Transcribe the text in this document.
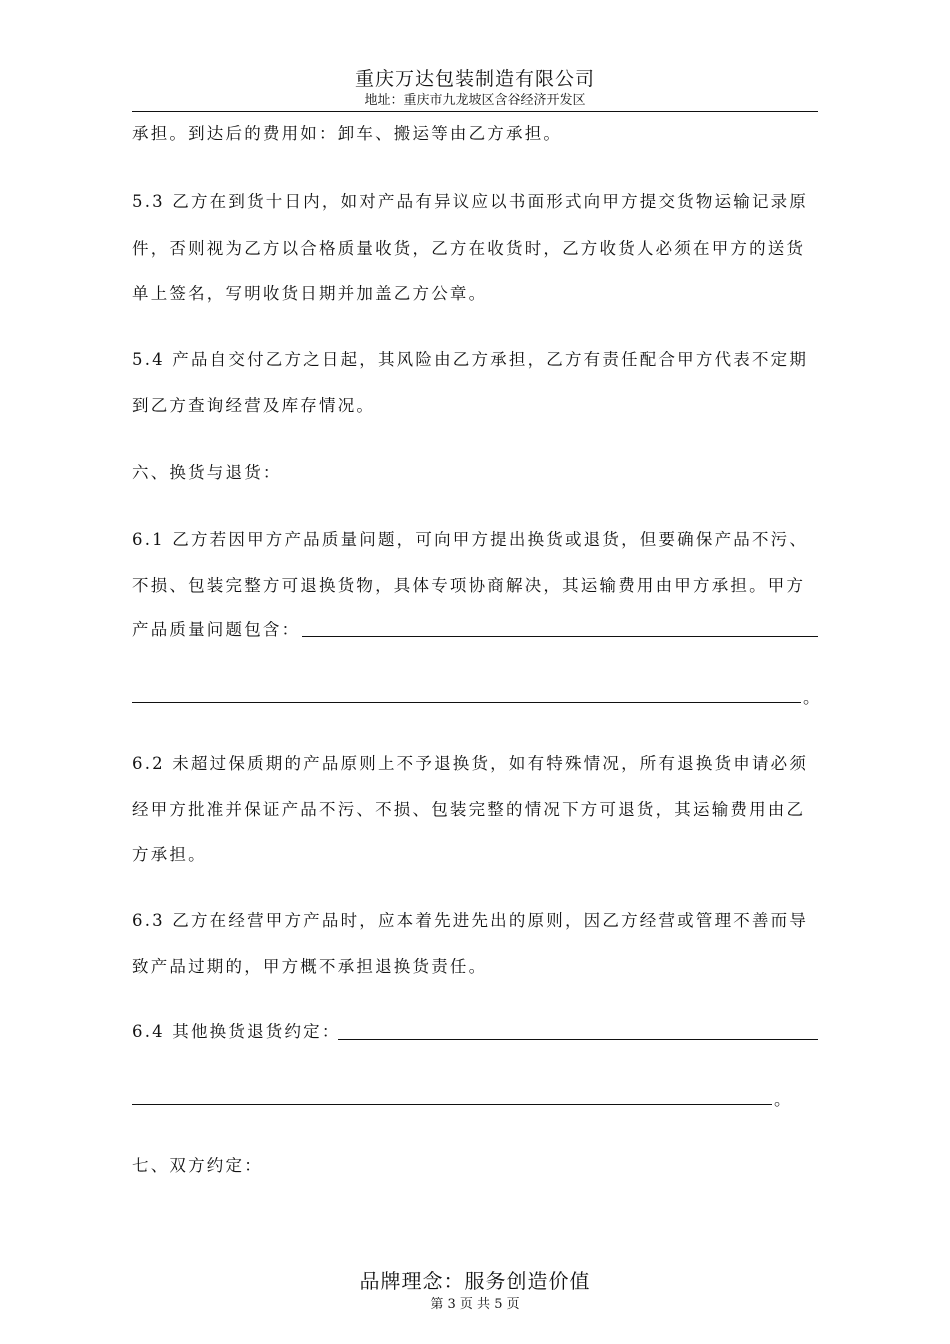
重庆万达包装制造有限公司
地址：重庆市九龙坡区含谷经济开发区
承担。到达后的费用如：卸车、搬运等由乙方承担。
5.3 乙方在到货十日内，如对产品有异议应以书面形式向甲方提交货物运输记录原
件，否则视为乙方以合格质量收货，乙方在收货时，乙方收货人必须在甲方的送货
单上签名，写明收货日期并加盖乙方公章。
5.4 产品自交付乙方之日起，其风险由乙方承担，乙方有责任配合甲方代表不定期
到乙方查询经营及库存情况。
六、换货与退货：
6.1 乙方若因甲方产品质量问题，可向甲方提出换货或退货，但要确保产品不污、
不损、包装完整方可退换货物，具体专项协商解决，其运输费用由甲方承担。甲方
产品质量问题包含：
。
6.2 未超过保质期的产品原则上不予退换货，如有特殊情况，所有退换货申请必须
经甲方批准并保证产品不污、不损、包装完整的情况下方可退货，其运输费用由乙
方承担。
6.3 乙方在经营甲方产品时，应本着先进先出的原则，因乙方经营或管理不善而导
致产品过期的，甲方概不承担退换货责任。
6.4 其他换货退货约定：
。
七、双方约定：
品牌理念：服务创造价值
第 3 页 共 5 页
